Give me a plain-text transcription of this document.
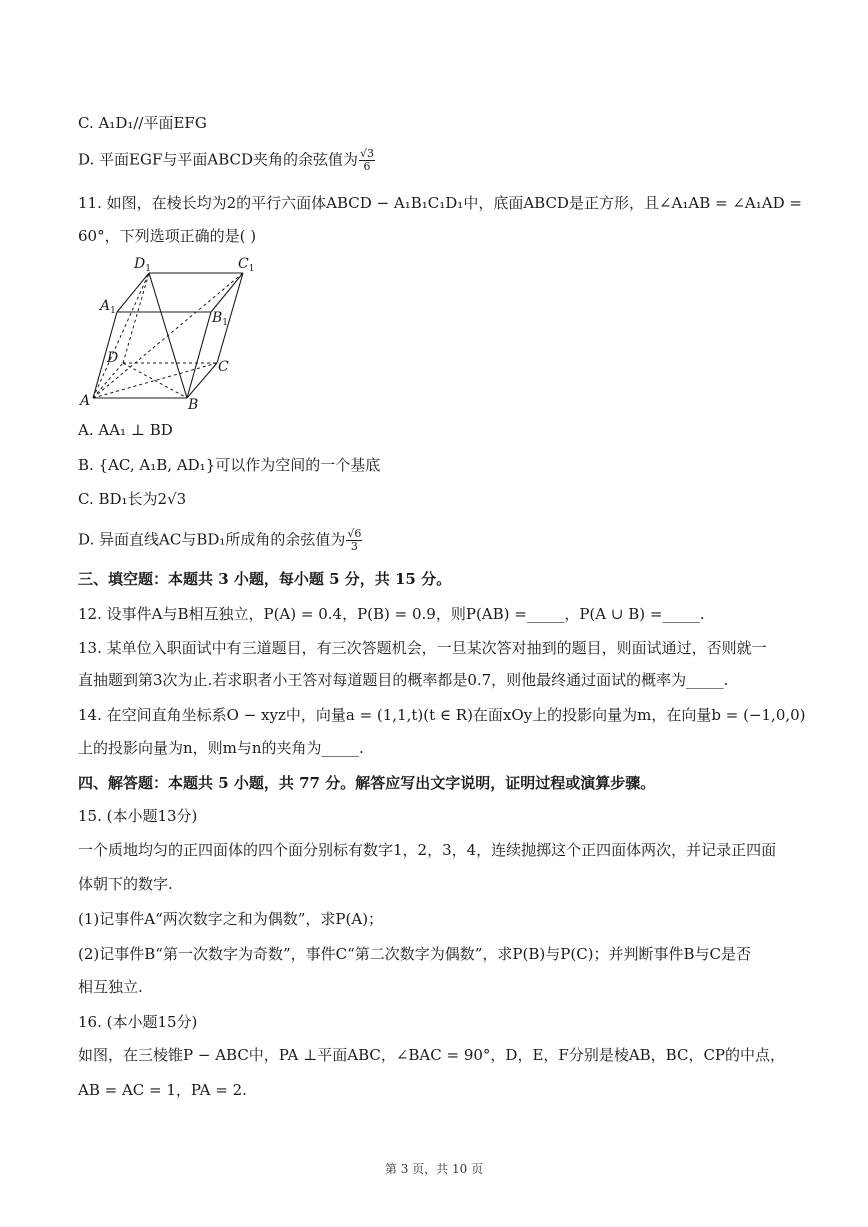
C. A₁D₁//平面EFG
D. 平面EGF与平面ABCD夹角的余弦值为 $\frac{√3}{6}$
11. 如图，在棱长均为2的平行六面体ABCD − A₁B₁C₁D₁中，底面ABCD是正方形，且∠A₁AB = ∠A₁AD =
60°，下列选项正确的是( )
$D_1$	$C_1$
$A_1$	$B_1$
D
C
A	B
A. AA₁ ⊥ BD
B. {AC, A₁B, AD₁}可以作为空间的一个基底
C. BD₁长为2√3
D. 异面直线AC与BD₁所成角的余弦值为 $\frac{√6}{3}$
三、填空题：本题共 3 小题，每小题 5 分，共 15 分。
12. 设事件A与B相互独立，P(A) = 0.4，P(B) = 0.9，则P(AB) =_____，P(A ∪ B) =_____.
13. 某单位入职面试中有三道题目，有三次答题机会，一旦某次答对抽到的题目，则面试通过，否则就一
直抽题到第3次为止.若求职者小王答对每道题目的概率都是0.7，则他最终通过面试的概率为_____.
14. 在空间直角坐标系O − xyz中，向量a = (1,1,t)(t ∈ R)在面xOy上的投影向量为m，在向量b = (−1,0,0)
上的投影向量为n，则m与n的夹角为_____.
四、解答题：本题共 5 小题，共 77 分。解答应写出文字说明，证明过程或演算步骤。
15. (本小题13分)
一个质地均匀的正四面体的四个面分别标有数字1，2，3，4，连续抛掷这个正四面体两次，并记录正四面
体朝下的数字.
(1)记事件A“两次数字之和为偶数”，求P(A)；
(2)记事件B“第一次数字为奇数”，事件C“第二次数字为偶数”，求P(B)与P(C)；并判断事件B与C是否
相互独立.
16. (本小题15分)
如图，在三棱锥P − ABC中，PA ⊥平面ABC，∠BAC = 90°，D，E，F分别是棱AB，BC，CP的中点，
AB = AC = 1，PA = 2.
第 3 页，共 10 页
